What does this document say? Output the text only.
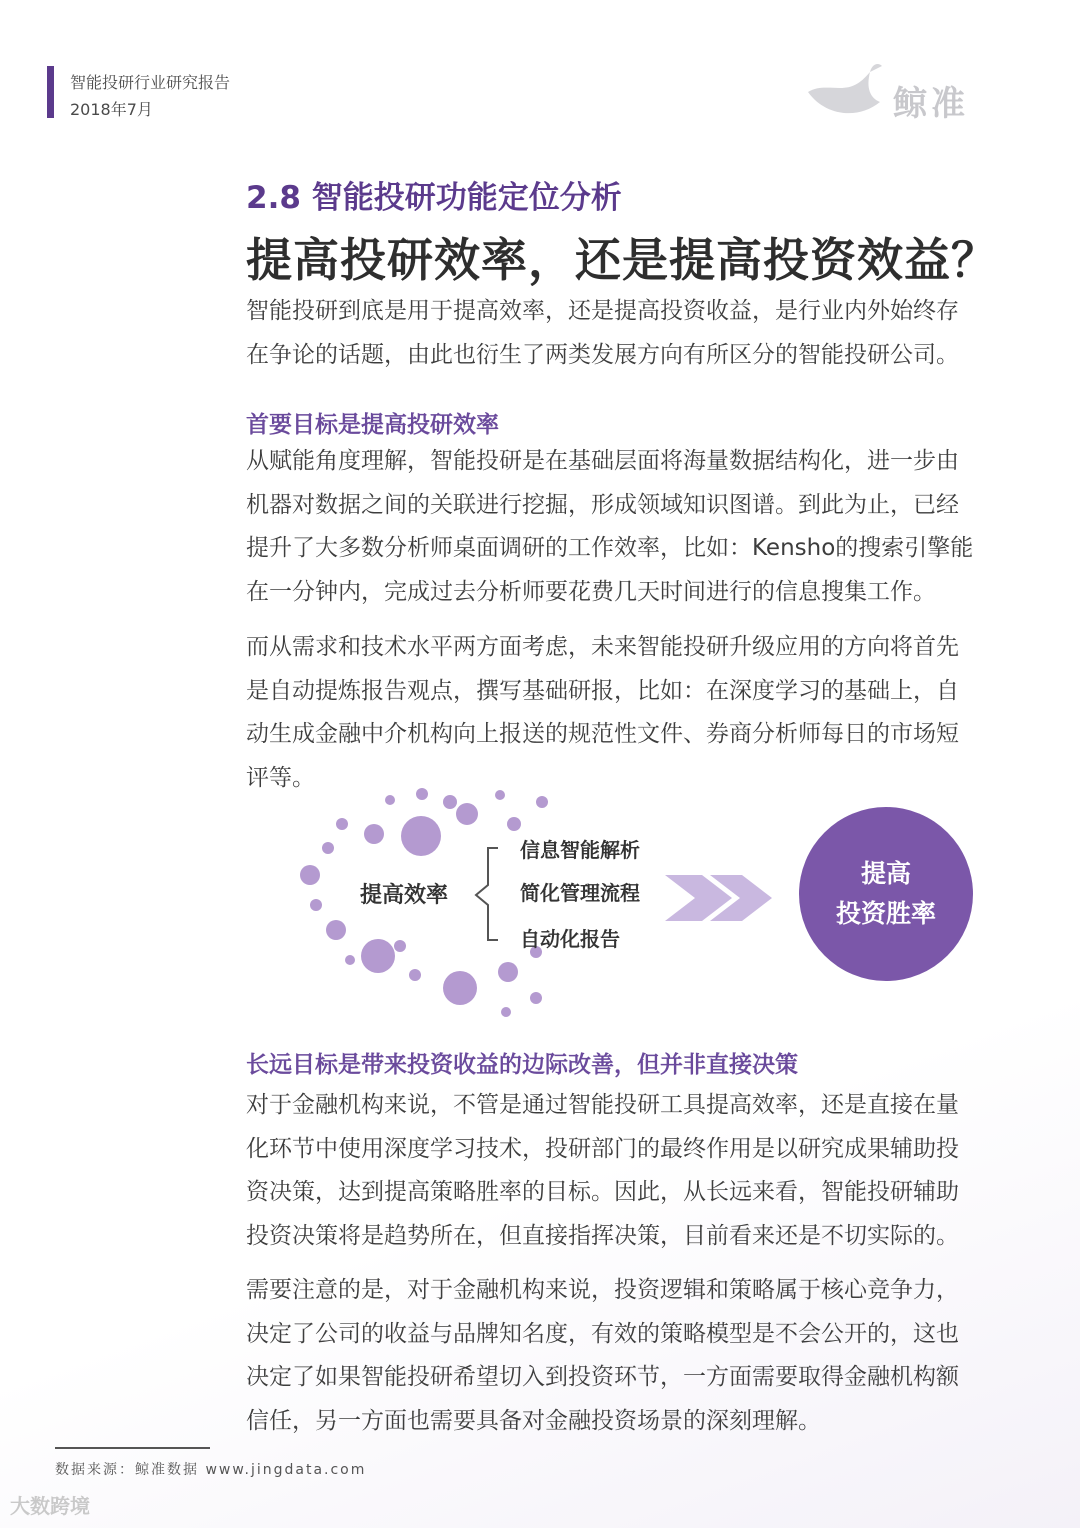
智能投研行业研究报告
2018年7月	鲸准
2.8 智能投研功能定位分析
提高投研效率，还是提高投资效益？
智能投研到底是用于提高效率，还是提高投资收益，是行业内外始终存
在争论的话题，由此也衍生了两类发展方向有所区分的智能投研公司。
首要目标是提高投研效率
从赋能角度理解，智能投研是在基础层面将海量数据结构化，进一步由
机器对数据之间的关联进行挖掘，形成领域知识图谱。到此为止，已经
提升了大多数分析师桌面调研的工作效率，比如：Kensho的搜索引擎能
在一分钟内，完成过去分析师要花费几天时间进行的信息搜集工作。
而从需求和技术水平两方面考虑，未来智能投研升级应用的方向将首先
是自动提炼报告观点，撰写基础研报，比如：在深度学习的基础上，自
动生成金融中介机构向上报送的规范性文件、券商分析师每日的市场短
评等。
提高效率
信息智能解析
简化管理流程
自动化报告
提高
投资胜率
长远目标是带来投资收益的边际改善，但并非直接决策
对于金融机构来说，不管是通过智能投研工具提高效率，还是直接在量
化环节中使用深度学习技术，投研部门的最终作用是以研究成果辅助投
资决策，达到提高策略胜率的目标。因此，从长远来看，智能投研辅助
投资决策将是趋势所在，但直接指挥决策，目前看来还是不切实际的。
需要注意的是，对于金融机构来说，投资逻辑和策略属于核心竞争力，
决定了公司的收益与品牌知名度，有效的策略模型是不会公开的，这也
决定了如果智能投研希望切入到投资环节，一方面需要取得金融机构额
信任，另一方面也需要具备对金融投资场景的深刻理解。
数据来源：鲸准数据 www.jingdata.com
大数跨境
